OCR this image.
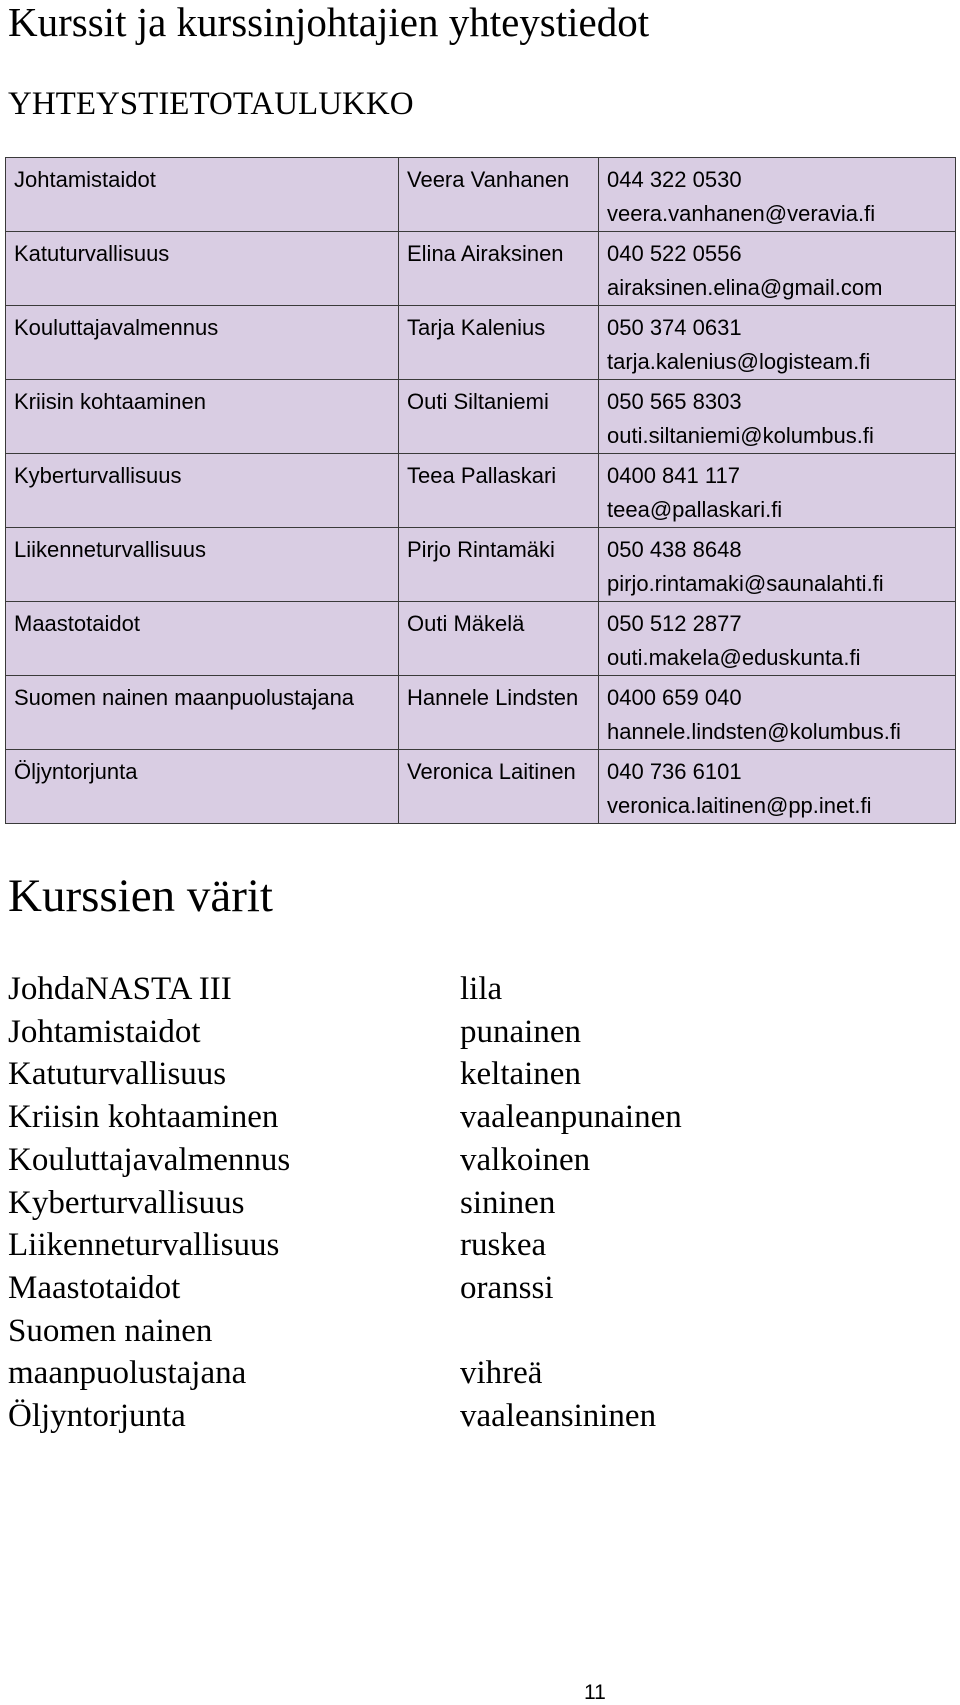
Kurssit ja kurssinjohtajien yhteystiedot
YHTEYSTIETOTAULUKKO
Johtamistaidot	Veera Vanhanen	044 322 0530
veera.vanhanen@veravia.fi

Katuturvallisuus	Elina Airaksinen	040 522 0556
airaksinen.elina@gmail.com

Kouluttajavalmennus	Tarja Kalenius	050 374 0631
tarja.kalenius@logisteam.fi

Kriisin kohtaaminen	Outi Siltaniemi	050 565 8303
outi.siltaniemi@kolumbus.fi

Kyberturvallisuus	Teea Pallaskari	0400 841 117
teea@pallaskari.fi

Liikenneturvallisuus	Pirjo Rintamäki	050 438 8648
pirjo.rintamaki@saunalahti.fi

Maastotaidot	Outi Mäkelä	050 512 2877
outi.makela@eduskunta.fi

Suomen nainen maanpuolustajana	Hannele Lindsten	0400 659 040
hannele.lindsten@kolumbus.fi

Öljyntorjunta	Veronica Laitinen	040 736 6101
veronica.laitinen@pp.inet.fi
Kurssien värit
JohdaNASTA III	lila
Johtamistaidot	punainen
Katuturvallisuus	keltainen
Kriisin kohtaaminen	vaaleanpunainen
Kouluttajavalmennus	valkoinen
Kyberturvallisuus	sininen
Liikenneturvallisuus	ruskea
Maastotaidot	oranssi
Suomen nainen
maanpuolustajana	vihreä
Öljyntorjunta	vaaleansininen
11
